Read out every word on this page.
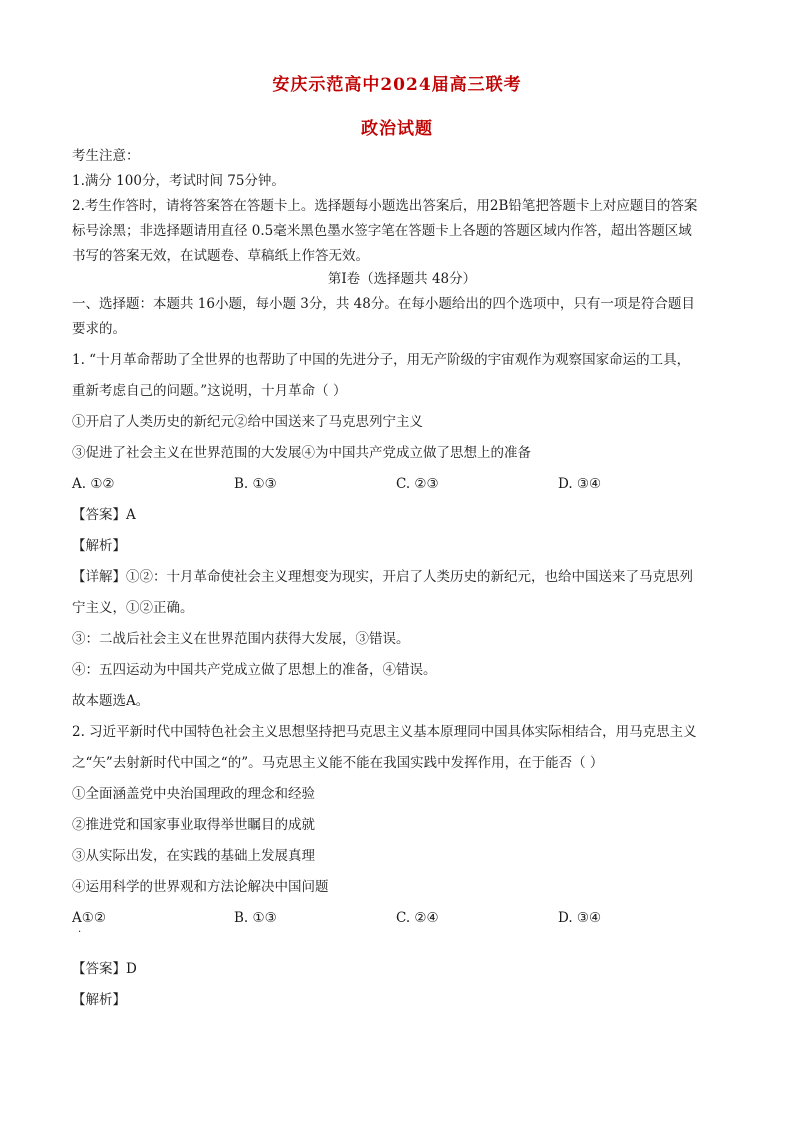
安庆示范高中2024届高三联考
政治试题
考生注意：
1.满分 100分，考试时间 75分钟。
2.考生作答时，请将答案答在答题卡上。选择题每小题选出答案后，用2B铅笔把答题卡上对应题目的答案
标号涂黑；非选择题请用直径 0.5毫米黑色墨水签字笔在答题卡上各题的答题区域内作答，超出答题区域
书写的答案无效，在试题卷、草稿纸上作答无效。
第Ⅰ卷（选择题共 48分）
一、选择题：本题共 16小题，每小题 3分，共 48分。在每小题给出的四个选项中，只有一项是符合题目
要求的。
1. “十月革命帮助了全世界的也帮助了中国的先进分子，用无产阶级的宇宙观作为观察国家命运的工具，
重新考虑自己的问题。”这说明，十月革命（ ）
①开启了人类历史的新纪元②给中国送来了马克思列宁主义
③促进了社会主义在世界范围的大发展④为中国共产党成立做了思想上的准备
A. ①②	B. ①③	C. ②③	D. ③④
【答案】A
【解析】
【详解】①②：十月革命使社会主义理想变为现实，开启了人类历史的新纪元，也给中国送来了马克思列
宁主义，①②正确。
③：二战后社会主义在世界范围内获得大发展，③错误。
④：五四运动为中国共产党成立做了思想上的准备，④错误。
故本题选A。
2. 习近平新时代中国特色社会主义思想坚持把马克思主义基本原理同中国具体实际相结合，用马克思主义
之“矢”去射新时代中国之“的”。马克思主义能不能在我国实践中发挥作用，在于能否（ ）
①全面涵盖党中央治国理政的理念和经验
②推进党和国家事业取得举世瞩目的成就
③从实际出发，在实践的基础上发展真理
④运用科学的世界观和方法论解决中国问题
A①②	B. ①③	C. ②④	D. ③④
·
【答案】D
【解析】
